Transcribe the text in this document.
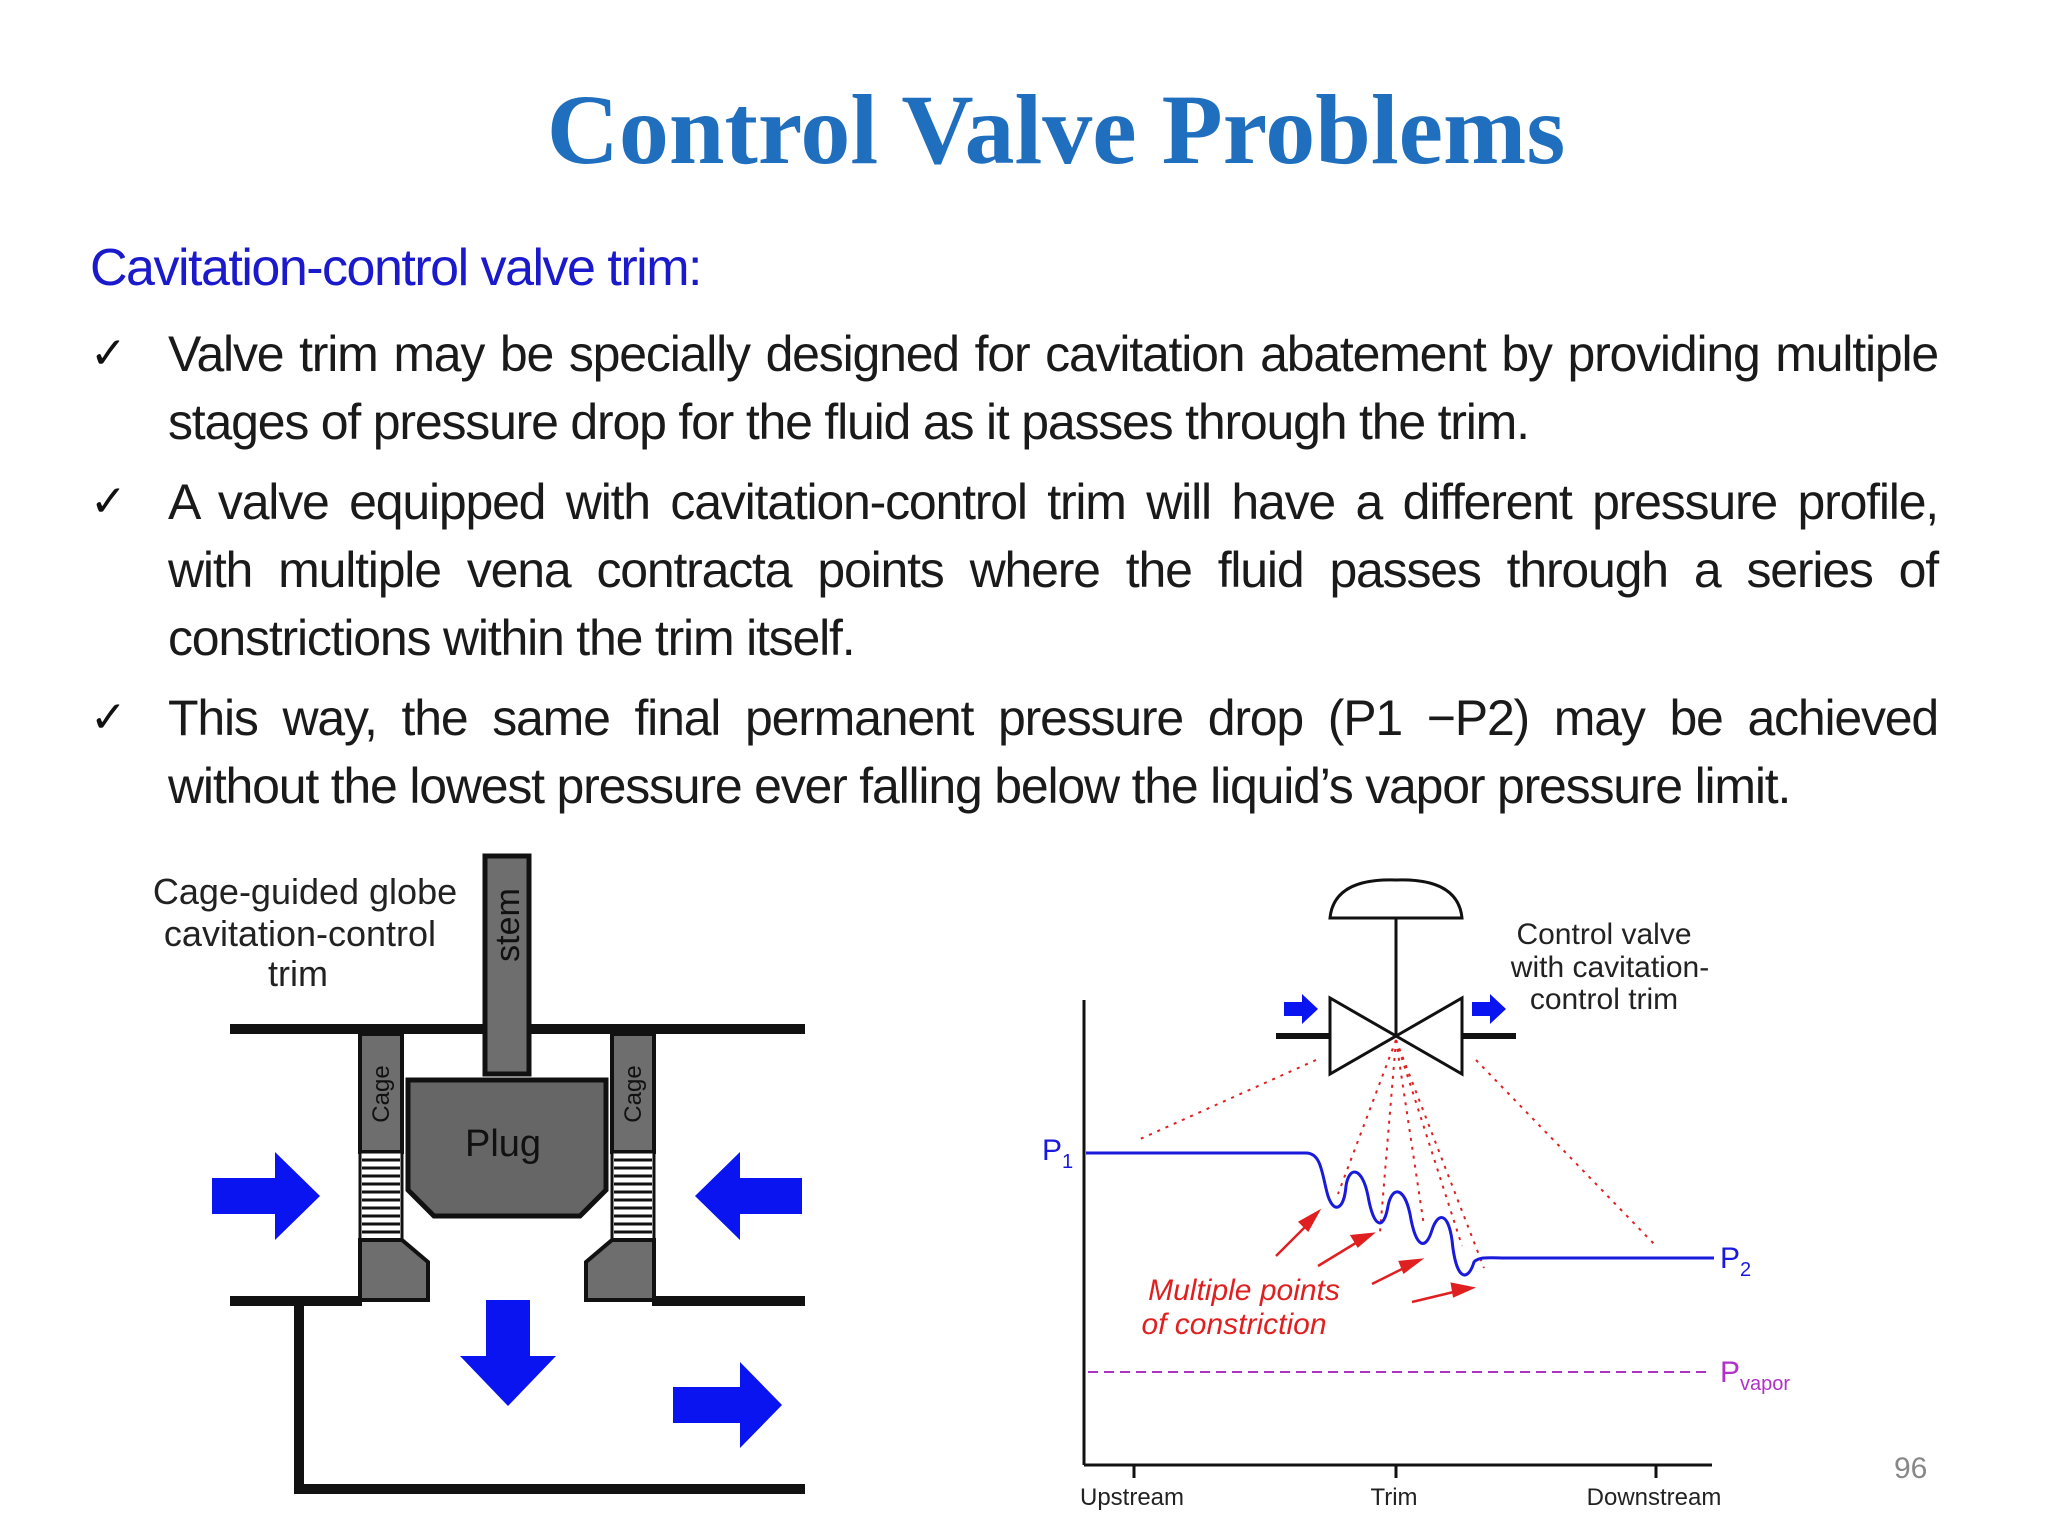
Control Valve Problems
Cavitation-control valve trim:
✓ Valve trim may be specially designed for cavitation abatement by providing multiple stages of pressure drop for the fluid as it passes through the trim.
✓ A valve equipped with cavitation-control trim will have a different pressure profile, with multiple vena contracta points where the fluid passes through a series of constrictions within the trim itself.
✓ This way, the same final permanent pressure drop (P1 −P2) may be achieved without the lowest pressure ever falling below the liquid’s vapor pressure limit.
Cage-guided globe
cavitation-control
trim
stem
Cage	Cage
Plug
Control valve
with cavitation-
control trim
Upstream	Trim	Downstream
$P_1$
$P_2$
$P_{vapor}$
Multiple points
of constriction
96
